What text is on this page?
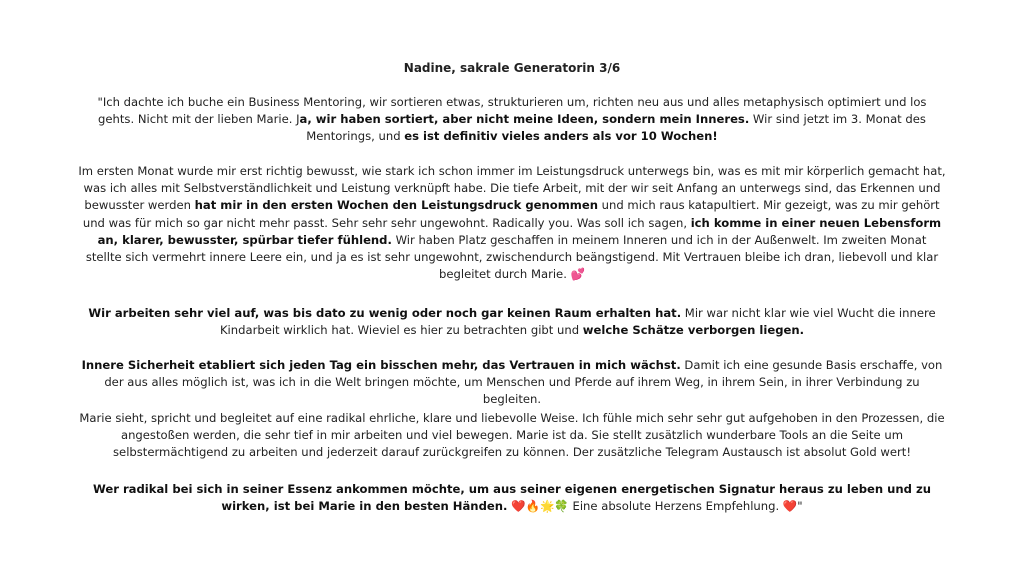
Nadine, sakrale Generatorin 3/6
"Ich dachte ich buche ein Business Mentoring, wir sortieren etwas, strukturieren um, richten neu aus und alles metaphysisch optimiert und los gehts. Nicht mit der lieben Marie. Ja, wir haben sortiert, aber nicht meine Ideen, sondern mein Inneres. Wir sind jetzt im 3. Monat des Mentorings, und es ist definitiv vieles anders als vor 10 Wochen!
Im ersten Monat wurde mir erst richtig bewusst, wie stark ich schon immer im Leistungsdruck unterwegs bin, was es mit mir körperlich gemacht hat, was ich alles mit Selbstverständlichkeit und Leistung verknüpft habe. Die tiefe Arbeit, mit der wir seit Anfang an unterwegs sind, das Erkennen und bewusster werden hat mir in den ersten Wochen den Leistungsdruck genommen und mich raus katapultiert. Mir gezeigt, was zu mir gehört und was für mich so gar nicht mehr passt. Sehr sehr sehr ungewohnt. Radically you. Was soll ich sagen, ich komme in einer neuen Lebensform an, klarer, bewusster, spürbar tiefer fühlend. Wir haben Platz geschaffen in meinem Inneren und ich in der Außenwelt. Im zweiten Monat stellte sich vermehrt innere Leere ein, und ja es ist sehr ungewohnt, zwischendurch beängstigend. Mit Vertrauen bleibe ich dran, liebevoll und klar begleitet durch Marie. 💕
Wir arbeiten sehr viel auf, was bis dato zu wenig oder noch gar keinen Raum erhalten hat. Mir war nicht klar wie viel Wucht die innere Kindarbeit wirklich hat. Wieviel es hier zu betrachten gibt und welche Schätze verborgen liegen.
Innere Sicherheit etabliert sich jeden Tag ein bisschen mehr, das Vertrauen in mich wächst. Damit ich eine gesunde Basis erschaffe, von der aus alles möglich ist, was ich in die Welt bringen möchte, um Menschen und Pferde auf ihrem Weg, in ihrem Sein, in ihrer Verbindung zu begleiten.
Marie sieht, spricht und begleitet auf eine radikal ehrliche, klare und liebevolle Weise. Ich fühle mich sehr sehr gut aufgehoben in den Prozessen, die angestoßen werden, die sehr tief in mir arbeiten und viel bewegen. Marie ist da. Sie stellt zusätzlich wunderbare Tools an die Seite um selbstermächtigend zu arbeiten und jederzeit darauf zurückgreifen zu können. Der zusätzliche Telegram Austausch ist absolut Gold wert!
Wer radikal bei sich in seiner Essenz ankommen möchte, um aus seiner eigenen energetischen Signatur heraus zu leben und zu wirken, ist bei Marie in den besten Händen. ❤️🔥🌟🍀 Eine absolute Herzens Empfehlung. ❤️"
